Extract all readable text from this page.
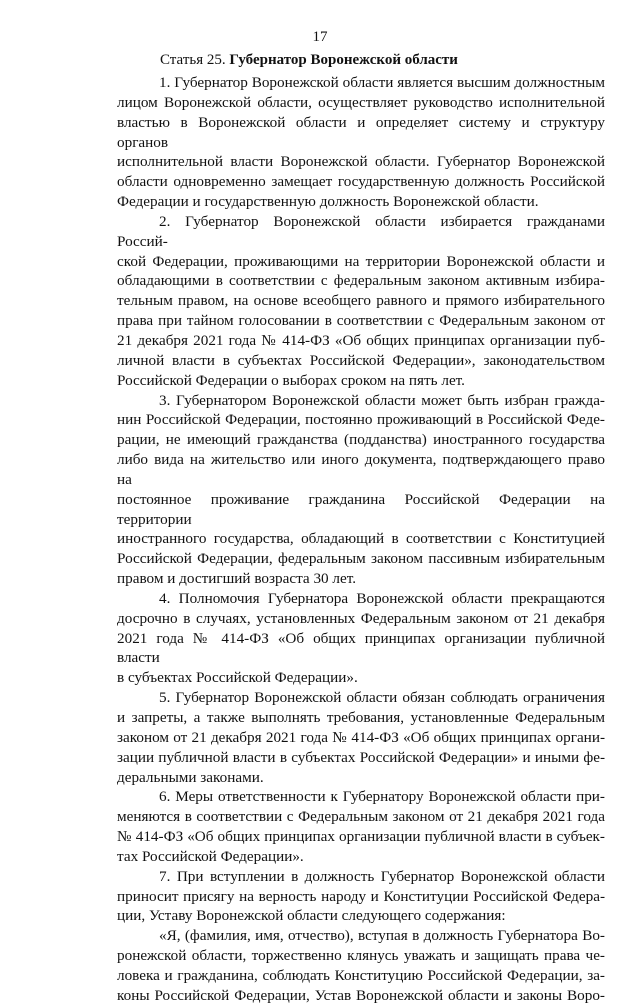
17
Статья 25. Губернатор Воронежской области
1. Губернатор Воронежской области является высшим должностным
лицом Воронежской области, осуществляет руководство исполнительной
властью в Воронежской области и определяет систему и структуру органов
исполнительной власти Воронежской области. Губернатор Воронежской
области одновременно замещает государственную должность Российской
Федерации и государственную должность Воронежской области.
2. Губернатор Воронежской области избирается гражданами Россий-
ской Федерации, проживающими на территории Воронежской области и
обладающими в соответствии с федеральным законом активным избира-
тельным правом, на основе всеобщего равного и прямого избирательного
права при тайном голосовании в соответствии с Федеральным законом от
21 декабря 2021 года № 414-ФЗ «Об общих принципах организации пуб-
личной власти в субъектах Российской Федерации», законодательством
Российской Федерации о выборах сроком на пять лет.
3. Губернатором Воронежской области может быть избран гражда-
нин Российской Федерации, постоянно проживающий в Российской Феде-
рации, не имеющий гражданства (подданства) иностранного государства
либо вида на жительство или иного документа, подтверждающего право на
постоянное проживание гражданина Российской Федерации на территории
иностранного государства, обладающий в соответствии с Конституцией
Российской Федерации, федеральным законом пассивным избирательным
правом и достигший возраста 30 лет.
4. Полномочия Губернатора Воронежской области прекращаются
досрочно в случаях, установленных Федеральным законом от 21 декабря
2021 года № 414-ФЗ «Об общих принципах организации публичной власти
в субъектах Российской Федерации».
5. Губернатор Воронежской области обязан соблюдать ограничения
и запреты, а также выполнять требования, установленные Федеральным
законом от 21 декабря 2021 года № 414-ФЗ «Об общих принципах органи-
зации публичной власти в субъектах Российской Федерации» и иными фе-
деральными законами.
6. Меры ответственности к Губернатору Воронежской области при-
меняются в соответствии с Федеральным законом от 21 декабря 2021 года
№ 414-ФЗ «Об общих принципах организации публичной власти в субъек-
тах Российской Федерации».
7. При вступлении в должность Губернатор Воронежской области
приносит присягу на верность народу и Конституции Российской Федера-
ции, Уставу Воронежской области следующего содержания:
«Я, (фамилия, имя, отчество), вступая в должность Губернатора Во-
ронежской области, торжественно клянусь уважать и защищать права че-
ловека и гражданина, соблюдать Конституцию Российской Федерации, за-
коны Российской Федерации, Устав Воронежской области и законы Воро-
